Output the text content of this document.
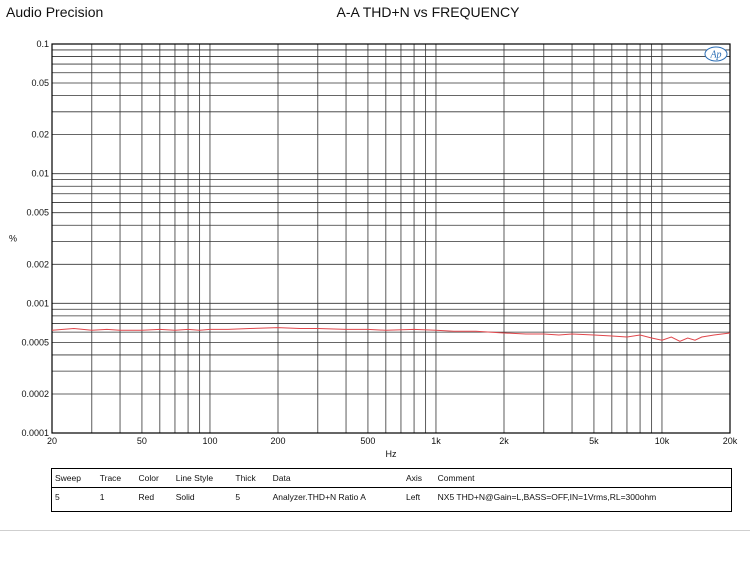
Audio Precision	A-A THD+N vs FREQUENCY
20	50	100	200	500	1k	2k	5k	10k	20k
0.1
0.05
0.02
0.01
0.005
0.002
0.001
0.0005
0.0002
0.0001
Hz
%
Ap
Sweep	Trace	Color	Line Style	Thick	Data	Axis	Comment
5	1	Red	Solid	5	Analyzer.THD+N Ratio A	Left	NX5 THD+N@Gain=L,BASS=OFF,IN=1Vrms,RL=300ohm
